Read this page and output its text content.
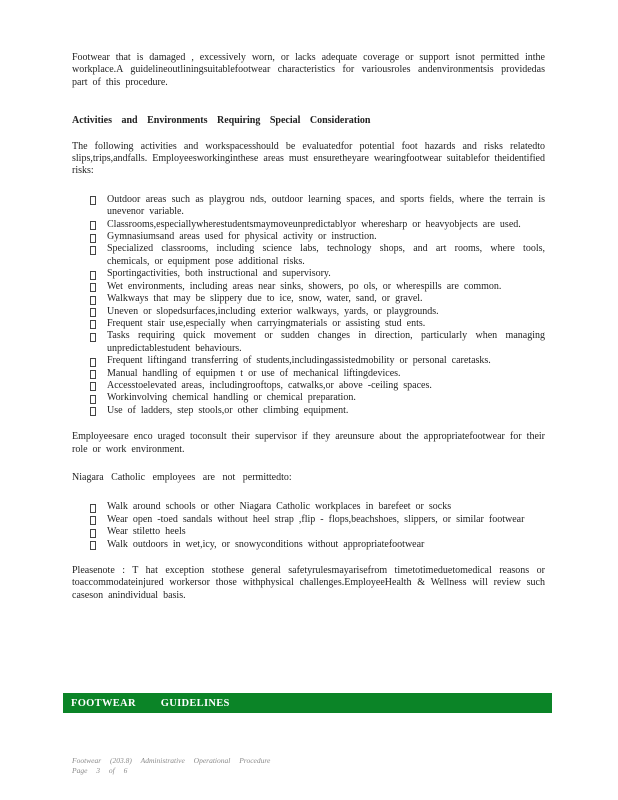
Footwear that is damaged , excessively worn, or lacks adequate coverage or support isnot permitted inthe workplace.A guidelineoutliningsuitablefootwear characteristics for variousroles andenvironmentsis providedas part of this procedure.

Activities and Environments Requiring Special Consideration

The following activities and workspacesshould be evaluatedfor potential foot hazards and risks relatedto slips,trips,andfalls. Employeesworkinginthese areas must ensuretheyare wearingfootwear suitablefor theidentified risks:

Outdoor areas such as playgrou nds, outdoor learning spaces, and sports fields, where the terrain is unevenor variable.
Classrooms,especiallywherestudentsmaymoveunpredictablyor wheresharp or heavyobjects are used.
Gymnasiumsand areas used for physical activity or instruction.
Specialized classrooms, including science labs, technology shops, and art rooms, where tools, chemicals, or equipment pose additional risks.
Sportingactivities, both instructional and supervisory.
Wet environments, including areas near sinks, showers, po ols, or wherespills are common.
Walkways that may be slippery due to ice, snow, water, sand, or gravel.
Uneven or slopedsurfaces,including exterior walkways, yards, or playgrounds.
Frequent stair use,especially when carryingmaterials or assisting stud ents.
Tasks requiring quick movement or sudden changes in direction, particularly when managing unpredictablestudent behaviours.
Frequent liftingand transferring of students,includingassistedmobility or personal caretasks.
Manual handling of equipmen t or use of mechanical liftingdevices.
Accesstoelevated areas, includingrooftops, catwalks,or above -ceiling spaces.
Workinvolving chemical handling or chemical preparation.
Use of ladders, step stools,or other climbing equipment.

Employeesare enco uraged toconsult their supervisor if they areunsure about the appropriatefootwear for their role or work environment.

Niagara Catholic employees are not permittedto:

Walk around schools or other Niagara Catholic workplaces in barefeet or socks
Wear open -toed sandals without heel strap ,flip - flops,beachshoes, slippers, or similar footwear
Wear stiletto heels
Walk outdoors in wet,icy, or snowyconditions without appropriatefootwear

Pleasenote : T hat exception stothese general safetyrulesmayarisefrom timetotimeduetomedical reasons or toaccommodateinjured workersor those withphysical challenges.EmployeeHealth & Wellness will review such caseson anindividual basis.

FOOTWEAR GUIDELINES
Footwear (203.8) Administrative Operational Procedure
Page 3 of 6
